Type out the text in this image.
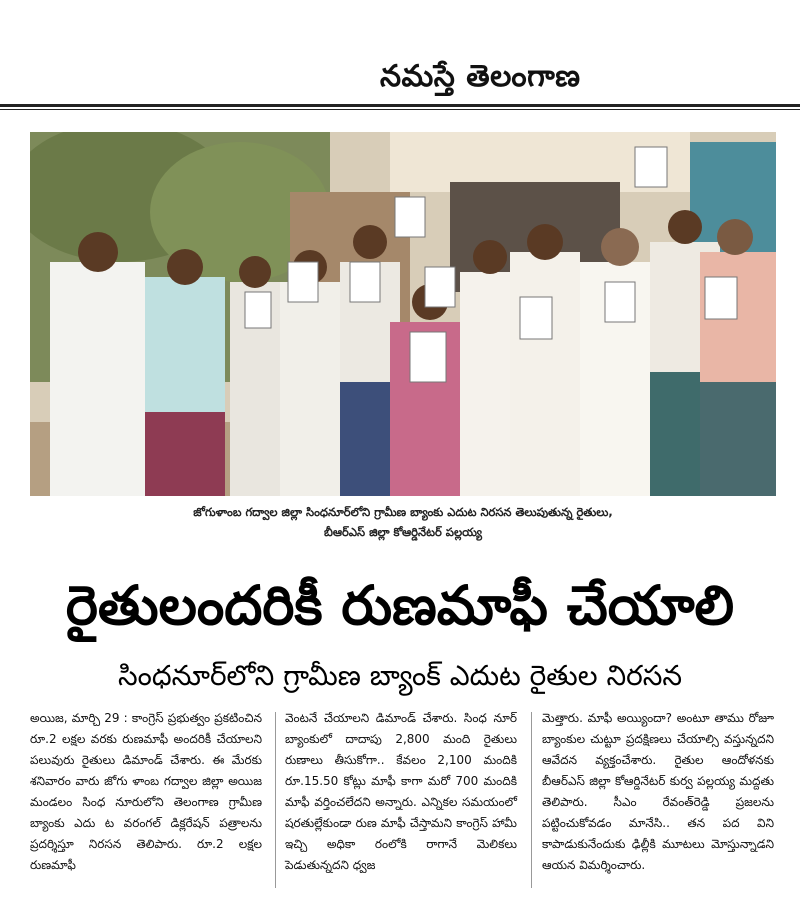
నమస్తే తెలంగాణ
జోగుళాంబ గద్వాల జిల్లా సింధనూర్‌లోని గ్రామీణ బ్యాంకు ఎదుట నిరసన తెలుపుతున్న రైతులు,
బీఆర్‌ఎస్‌ జిల్లా కోఆర్డినేటర్‌ పల్లయ్య
రైతులందరికీ రుణమాఫీ చేయాలి
సింధనూర్‌లోని గ్రామీణ బ్యాంక్‌ ఎదుట రైతుల నిరసన

అయిజ, మార్చి 29 : కాంగ్రెస్‌ ప్రభుత్వం ప్రకటించిన రూ.2 లక్షల వరకు రుణమాఫీ అందరికీ చేయాలని పలువురు రైతులు డిమాండ్‌ చేశారు. ఈ మేరకు శనివారం వారు జోగు ళాంబ గద్వాల జిల్లా అయిజ మండలం సింధ నూరులోని తెలంగాణ గ్రామీణ బ్యాంకు ఎదు ట వరంగల్‌ డిక్లరేషన్‌ పత్రాలను ప్రదర్శిస్తూ నిరసన తెలిపారు. రూ.2 లక్షల రుణమాఫీ

వెంటనే చేయాలని డిమాండ్‌ చేశారు. సింధ నూర్‌ బ్యాంకులో దాదాపు 2,800 మంది రైతులు రుణాలు తీసుకోగా.. కేవలం 2,100 మందికి రూ.15.50 కోట్లు మాఫీ కాగా మరో 700 మందికి మాఫీ వర్తించలేదని అన్నారు. ఎన్నికల సమయంలో షరతుల్లేకుండా రుణ మాఫీ చేస్తామని కాంగ్రెస్‌ హామీ ఇచ్చి అధికా రంలోకి రాగానే మెలికలు పెడుతున్నదని ధ్వజ

మెత్తారు. మాఫీ అయ్యిందా? అంటూ తాము రోజూ బ్యాంకుల చుట్టూ ప్రదక్షిణలు చేయాల్సి వస్తున్నదని ఆవేదన వ్యక్తంచేశారు. రైతుల ఆందోళనకు బీఆర్‌ఎస్‌ జిల్లా కోఆర్డినేటర్‌ కుర్వ పల్లయ్య మద్దతు తెలిపారు. సీఎం రేవంత్‌రెడ్డి ప్రజలను పట్టించుకోవడం మానేసి.. తన పద విని కాపాడుకునేందుకు ఢిల్లీకి మూటలు మోస్తున్నాడని ఆయన విమర్శించారు.
